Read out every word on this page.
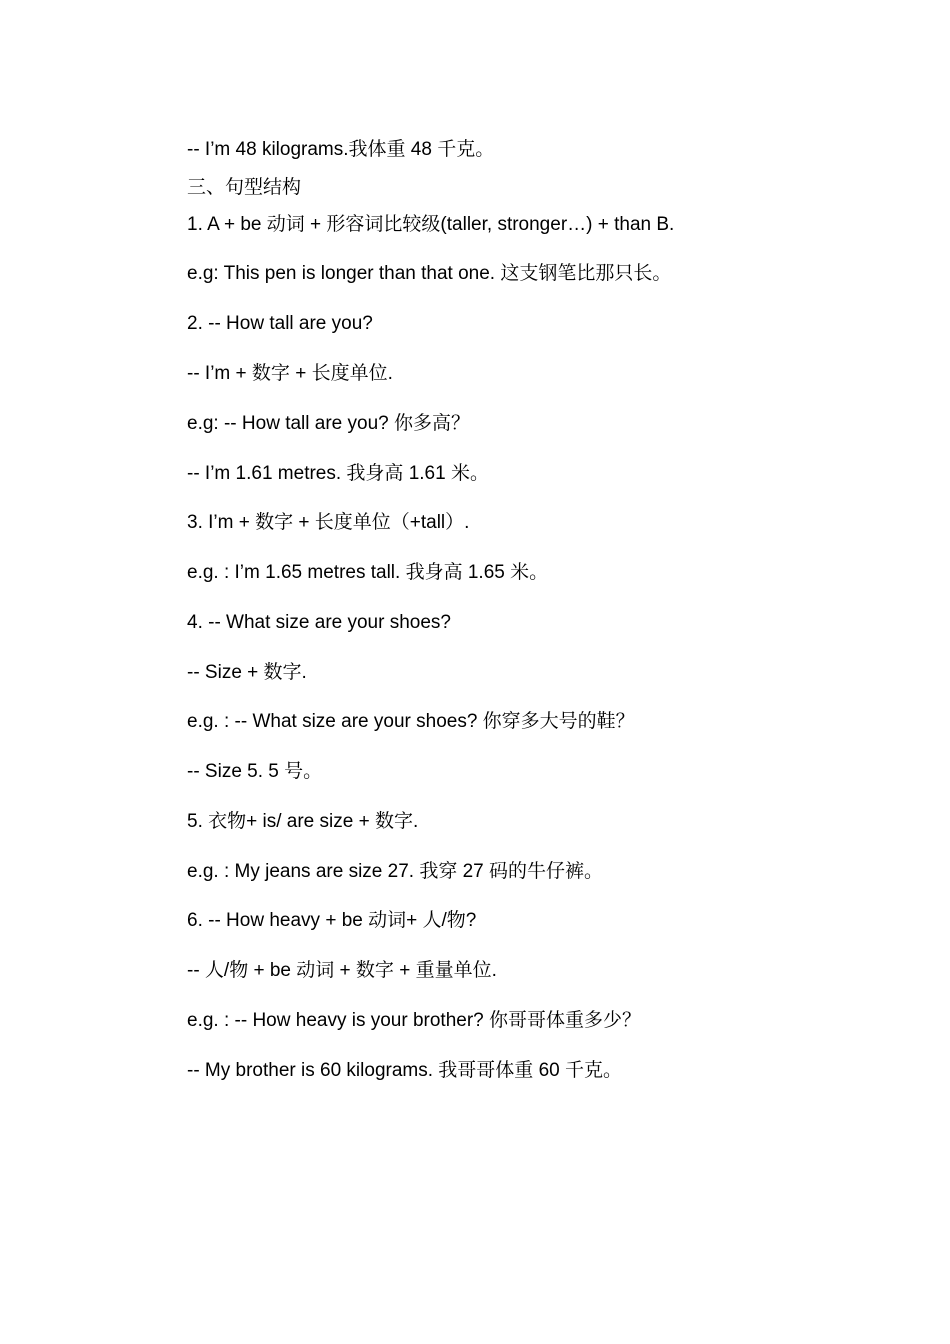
-- I’m 48 kilograms.我体重 48 千克。
三、句型结构
1. A + be 动词 + 形容词比较级(taller, stronger…) + than B.
e.g: This pen is longer than that one. 这支钢笔比那只长。
2. -- How tall are you?
-- I’m + 数字 + 长度单位.
e.g: -- How tall are you? 你多高？
-- I’m 1.61 metres. 我身高 1.61 米。
3. I’m + 数字 + 长度单位（+tall）.
e.g. : I’m 1.65 metres tall. 我身高 1.65 米。
4. -- What size are your shoes?
-- Size + 数字.
e.g. : -- What size are your shoes? 你穿多大号的鞋？
-- Size 5. 5 号。
5. 衣物+ is/ are size + 数字.
e.g. : My jeans are size 27. 我穿 27 码的牛仔裤。
6. -- How heavy + be 动词+ 人/物?
-- 人/物 + be 动词 + 数字 + 重量单位.
e.g. : -- How heavy is your brother? 你哥哥体重多少？
-- My brother is 60 kilograms. 我哥哥体重 60 千克。
